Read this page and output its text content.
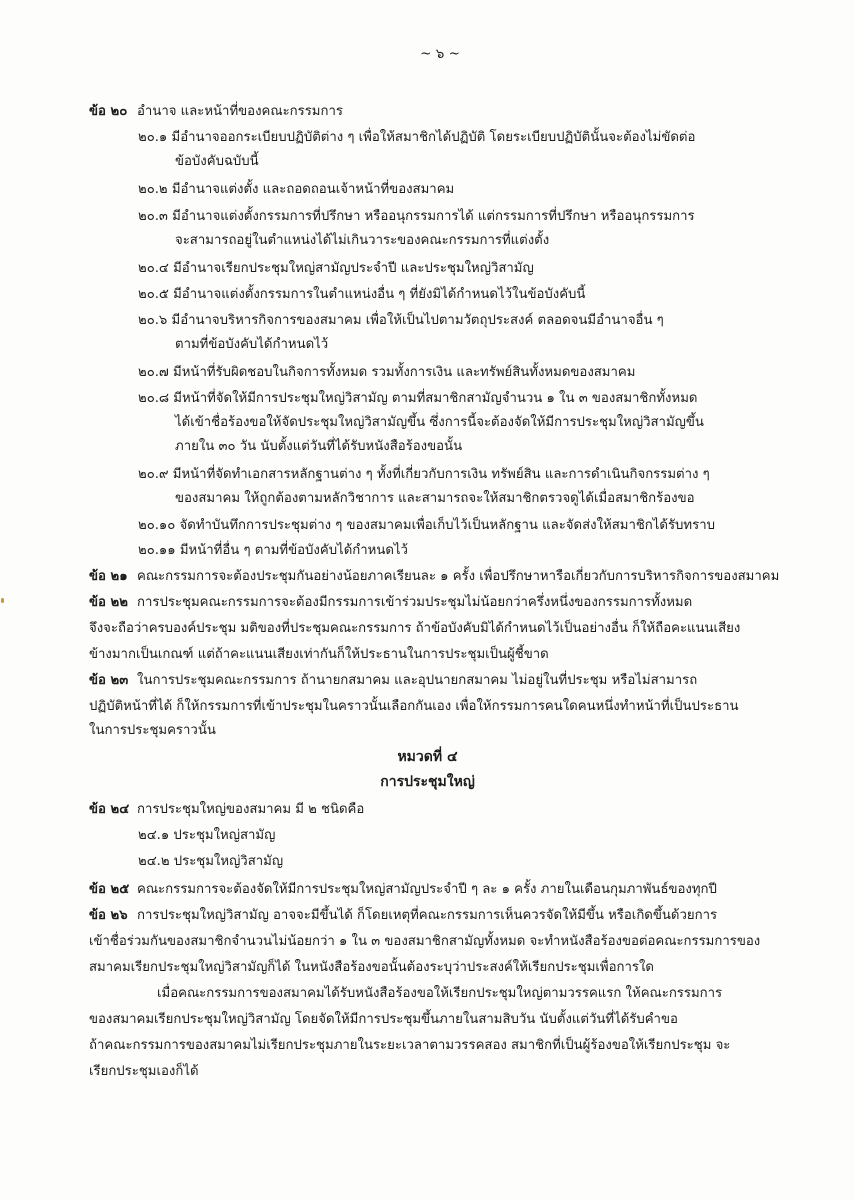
~ ๖ ~
ข้อ ๒๐ อำนาจ และหน้าที่ของคณะกรรมการ
๒๐.๑ มีอำนาจออกระเบียบปฏิบัติต่าง ๆ เพื่อให้สมาชิกได้ปฏิบัติ โดยระเบียบปฏิบัตินั้นจะต้องไม่ขัดต่อ
ข้อบังคับฉบับนี้
๒๐.๒ มีอำนาจแต่งตั้ง และถอดถอนเจ้าหน้าที่ของสมาคม
๒๐.๓ มีอำนาจแต่งตั้งกรรมการที่ปรึกษา หรืออนุกรรมการได้ แต่กรรมการที่ปรึกษา หรืออนุกรรมการ
จะสามารถอยู่ในตำแหน่งได้ไม่เกินวาระของคณะกรรมการที่แต่งตั้ง
๒๐.๔ มีอำนาจเรียกประชุมใหญ่สามัญประจำปี และประชุมใหญ่วิสามัญ
๒๐.๕ มีอำนาจแต่งตั้งกรรมการในตำแหน่งอื่น ๆ ที่ยังมิได้กำหนดไว้ในข้อบังคับนี้
๒๐.๖ มีอำนาจบริหารกิจการของสมาคม เพื่อให้เป็นไปตามวัตถุประสงค์ ตลอดจนมีอำนาจอื่น ๆ
ตามที่ข้อบังคับได้กำหนดไว้
๒๐.๗ มีหน้าที่รับผิดชอบในกิจการทั้งหมด รวมทั้งการเงิน และทรัพย์สินทั้งหมดของสมาคม
๒๐.๘ มีหน้าที่จัดให้มีการประชุมใหญ่วิสามัญ ตามที่สมาชิกสามัญจำนวน ๑ ใน ๓ ของสมาชิกทั้งหมด
ได้เข้าชื่อร้องขอให้จัดประชุมใหญ่วิสามัญขึ้น ซึ่งการนี้จะต้องจัดให้มีการประชุมใหญ่วิสามัญขึ้น
ภายใน ๓๐ วัน นับตั้งแต่วันที่ได้รับหนังสือร้องขอนั้น
๒๐.๙ มีหน้าที่จัดทำเอกสารหลักฐานต่าง ๆ ทั้งที่เกี่ยวกับการเงิน ทรัพย์สิน และการดำเนินกิจกรรมต่าง ๆ
ของสมาคม ให้ถูกต้องตามหลักวิชาการ และสามารถจะให้สมาชิกตรวจดูได้เมื่อสมาชิกร้องขอ
๒๐.๑๐ จัดทำบันทึกการประชุมต่าง ๆ ของสมาคมเพื่อเก็บไว้เป็นหลักฐาน และจัดส่งให้สมาชิกได้รับทราบ
๒๐.๑๑ มีหน้าที่อื่น ๆ ตามที่ข้อบังคับได้กำหนดไว้
ข้อ ๒๑ คณะกรรมการจะต้องประชุมกันอย่างน้อยภาคเรียนละ ๑ ครั้ง เพื่อปรึกษาหารือเกี่ยวกับการบริหารกิจการของสมาคม
ข้อ ๒๒ การประชุมคณะกรรมการจะต้องมีกรรมการเข้าร่วมประชุมไม่น้อยกว่าครึ่งหนึ่งของกรรมการทั้งหมด
จึงจะถือว่าครบองค์ประชุม มติของที่ประชุมคณะกรรมการ ถ้าข้อบังคับมิได้กำหนดไว้เป็นอย่างอื่น ก็ให้ถือคะแนนเสียง
ข้างมากเป็นเกณฑ์ แต่ถ้าคะแนนเสียงเท่ากันก็ให้ประธานในการประชุมเป็นผู้ชี้ขาด
ข้อ ๒๓ ในการประชุมคณะกรรมการ ถ้านายกสมาคม และอุปนายกสมาคม ไม่อยู่ในที่ประชุม หรือไม่สามารถ
ปฏิบัติหน้าที่ได้ ก็ให้กรรมการที่เข้าประชุมในคราวนั้นเลือกกันเอง เพื่อให้กรรมการคนใดคนหนึ่งทำหน้าที่เป็นประธาน
ในการประชุมคราวนั้น
หมวดที่ ๔
การประชุมใหญ่
ข้อ ๒๔ การประชุมใหญ่ของสมาคม มี ๒ ชนิดคือ
๒๔.๑ ประชุมใหญ่สามัญ
๒๔.๒ ประชุมใหญ่วิสามัญ
ข้อ ๒๕ คณะกรรมการจะต้องจัดให้มีการประชุมใหญ่สามัญประจำปี ๆ ละ ๑ ครั้ง ภายในเดือนกุมภาพันธ์ของทุกปี
ข้อ ๒๖ การประชุมใหญ่วิสามัญ อาจจะมีขึ้นได้ ก็โดยเหตุที่คณะกรรมการเห็นควรจัดให้มีขึ้น หรือเกิดขึ้นด้วยการ
เข้าชื่อร่วมกันของสมาชิกจำนวนไม่น้อยกว่า ๑ ใน ๓ ของสมาชิกสามัญทั้งหมด จะทำหนังสือร้องขอต่อคณะกรรมการของ
สมาคมเรียกประชุมใหญ่วิสามัญก็ได้ ในหนังสือร้องขอนั้นต้องระบุว่าประสงค์ให้เรียกประชุมเพื่อการใด
เมื่อคณะกรรมการของสมาคมได้รับหนังสือร้องขอให้เรียกประชุมใหญ่ตามวรรคแรก ให้คณะกรรมการ
ของสมาคมเรียกประชุมใหญ่วิสามัญ โดยจัดให้มีการประชุมขึ้นภายในสามสิบวัน นับตั้งแต่วันที่ได้รับคำขอ
ถ้าคณะกรรมการของสมาคมไม่เรียกประชุมภายในระยะเวลาตามวรรคสอง สมาชิกที่เป็นผู้ร้องขอให้เรียกประชุม จะ
เรียกประชุมเองก็ได้
